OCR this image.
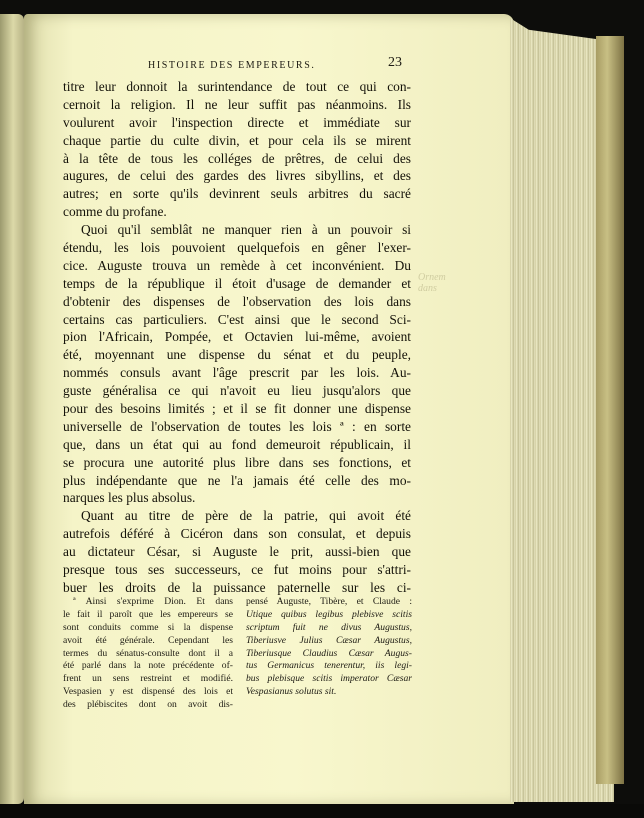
Ornem
dans
HISTOIRE DES EMPEREURS.	23
titre leur donnoit la surintendance de tout ce qui con-
cernoit la religion. Il ne leur suffit pas néanmoins. Ils
voulurent avoir l'inspection directe et immédiate sur
chaque partie du culte divin, et pour cela ils se mirent
à la tête de tous les colléges de prêtres, de celui des
augures, de celui des gardes des livres sibyllins, et des
autres; en sorte qu'ils devinrent seuls arbitres du sacré
comme du profane.
Quoi qu'il semblât ne manquer rien à un pouvoir si
étendu, les lois pouvoient quelquefois en gêner l'exer-
cice. Auguste trouva un remède à cet inconvénient. Du
temps de la république il étoit d'usage de demander et
d'obtenir des dispenses de l'observation des lois dans
certains cas particuliers. C'est ainsi que le second Sci-
pion l'Africain, Pompée, et Octavien lui-même, avoient
été, moyennant une dispense du sénat et du peuple,
nommés consuls avant l'âge prescrit par les lois. Au-
guste généralisa ce qui n'avoit eu lieu jusqu'alors que
pour des besoins limités ; et il se fit donner une dispense
universelle de l'observation de toutes les lois ª : en sorte
que, dans un état qui au fond demeuroit républicain, il
se procura une autorité plus libre dans ses fonctions, et
plus indépendante que ne l'a jamais été celle des mo-
narques les plus absolus.
Quant au titre de père de la patrie, qui avoit été
autrefois déféré à Cicéron dans son consulat, et depuis
au dictateur César, si Auguste le prit, aussi-bien que
presque tous ses successeurs, ce fut moins pour s'attri-
buer les droits de la puissance paternelle sur les ci-
ª Ainsi s'exprime Dion. Et dans
le fait il paroît que les empereurs se
sont conduits comme si la dispense
avoit été générale. Cependant les
termes du sénatus-consulte dont il a
été parlé dans la note précédente of-
frent un sens restreint et modifié.
Vespasien y est dispensé des lois et
des plébiscites dont on avoit dis-
pensé Auguste, Tibère, et Claude :
Utique quibus legibus plebisve scitis
scriptum fuit ne divus Augustus,
Tiberiusve Julius Cæsar Augustus,
Tiberiusque Claudius Cæsar Augus-
tus Germanicus tenerentur, iis legi-
bus plebisque scitis imperator Cæsar
Vespasianus solutus sit.
